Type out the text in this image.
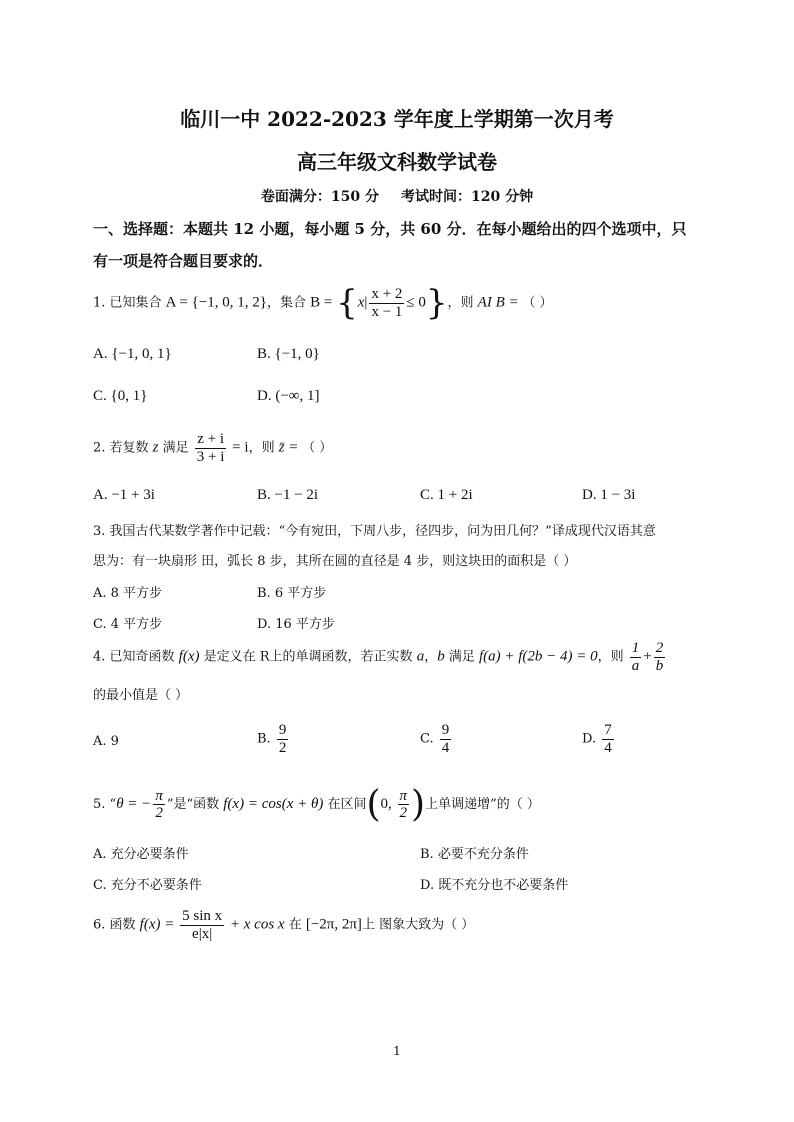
临川一中 2022-2023 学年度上学期第一次月考
高三年级文科数学试卷
卷面满分：150 分 考试时间：120 分钟
一、选择题：本题共 12 小题，每小题 5 分，共 60 分．在每小题给出的四个选项中，只
有一项是符合题目要求的．
1. 已知集合 A = {−1, 0, 1, 2}，集合 $B = \{x| \frac{x + 2}{x - 1} \le 0\}$，则 AI B = （ ）
A. {−1, 0, 1}	B. {−1, 0}
C. {0, 1}	D. (−∞, 1]
2. 若复数 z 满足 $\frac{z + i}{3 + i} = i$，则 z̄ = （ ）
A. −1 + 3i	B. −1 − 2i	C. 1 + 2i	D. 1 − 3i
3. 我国古代某数学著作中记载：“今有宛田，下周八步，径四步，问为田几何？”译成现代汉语其意
思为：有一块扇形 田，弧长 8 步，其所在圆的直径是 4 步，则这块田的面积是（ ）
A. 8 平方步	B. 6 平方步
C. 4 平方步	D. 16 平方步
4. 已知奇函数 f(x) 是定义在 R上的单调函数，若正实数 a，b 满足 f(a) + f(2b − 4) = 0，则 $\frac{1}{a} + \frac{2}{b}$
的最小值是（ ）
A. 9	B. $\frac{9}{2}$	C. $\frac{9}{4}$	D. $\frac{7}{4}$
5. “θ = − $\frac{\pi}{2}$ ”是“函数 f(x) = cos(x + θ) 在区间(0, $\frac{\pi}{2}$ )上单调递增”的（ ）
A. 充分必要条件	B. 必要不充分条件
C. 充分不必要条件	D. 既不充分也不必要条件
6. 函数 $f(x) = \frac{\text{5 sin x}}{e|x|} + x$ cos x 在 [−2π, 2π]上 图象大致为（ ）
1
